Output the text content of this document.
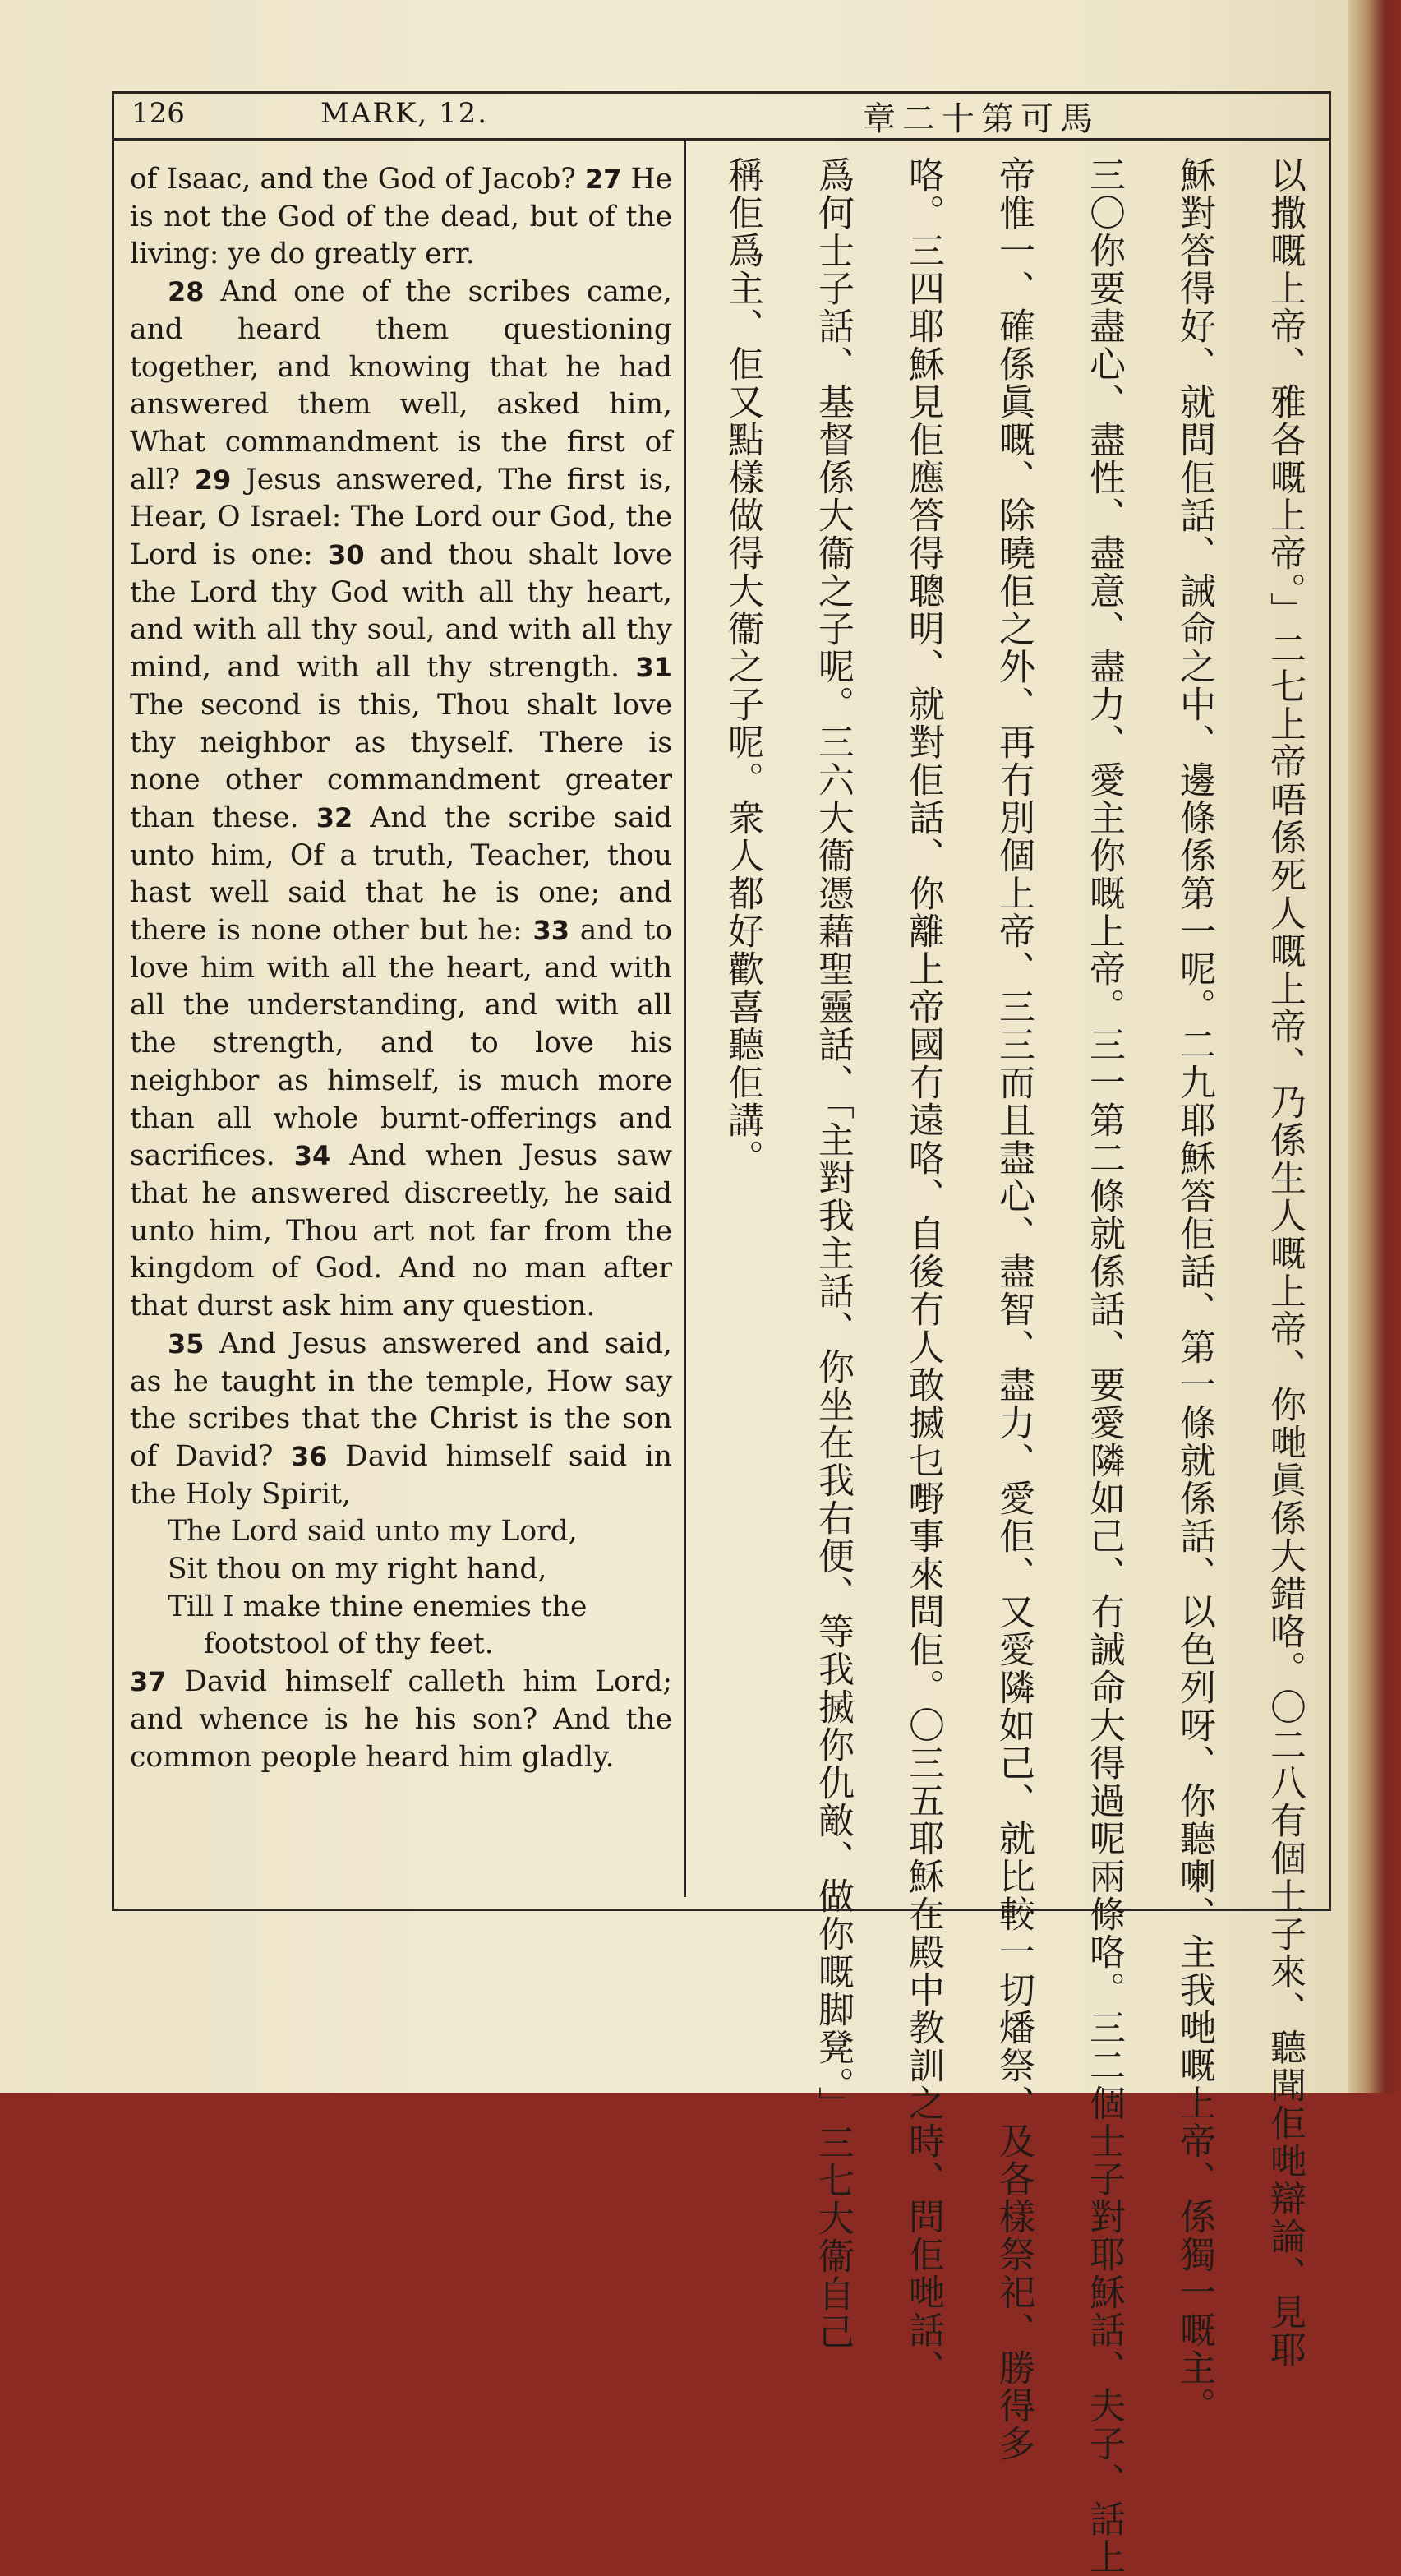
126	MARK, 12.	章二十第可馬

of Isaac, and the God of Jacob? 27 He is not the God of the dead, but of the living: ye do greatly err.

28 And one of the scribes came, and heard them questioning together, and knowing that he had answered them well, asked him, What commandment is the first of all? 29 Jesus answered, The first is, Hear, O Israel: The Lord our God, the Lord is one: 30 and thou shalt love the Lord thy God with all thy heart, and with all thy soul, and with all thy mind, and with all thy strength. 31 The second is this, Thou shalt love thy neighbor as thyself. There is none other commandment greater than these. 32 And the scribe said unto him, Of a truth, Teacher, thou hast well said that he is one; and there is none other but he: 33 and to love him with all the heart, and with all the understanding, and with all the strength, and to love his neighbor as himself, is much more than all whole burnt-offerings and sacrifices. 34 And when Jesus saw that he answered discreetly, he said unto him, Thou art not far from the kingdom of God. And no man after that durst ask him any question.

35 And Jesus answered and said, as he taught in the temple, How say the scribes that the Christ is the son of David? 36 David himself said in the Holy Spirit,

The Lord said unto my Lord,

Sit thou on my right hand,

Till I make thine enemies the

footstool of thy feet.

37 David himself calleth him Lord; and whence is he his son? And the common people heard him gladly.	以撒嘅上帝、雅各嘅上帝。」二七上帝唔係死人嘅上帝、乃係生人嘅上帝、你哋眞係大錯咯。〇二八有個士子來、聽聞佢哋辯論、見耶
穌對答得好、就問佢話、誡命之中、邊條係第一呢。二九耶穌答佢話、第一條就係話、以色列呀、你聽喇、主我哋嘅上帝、係獨一嘅主。
三〇你要盡心、盡性、盡意、盡力、愛主你嘅上帝。三一第二條就係話、要愛隣如己、冇誡命大得過呢兩條咯。三二個士子對耶穌話、夫子、話上
帝惟一、確係眞嘅、除曉佢之外、再冇別個上帝、三三而且盡心、盡智、盡力、愛佢、又愛隣如己、就比較一切燔祭、及各樣祭祀、勝得多
咯。三四耶穌見佢應答得聰明、就對佢話、你離上帝國冇遠咯、自後冇人敢搣乜嘢事來問佢。〇三五耶穌在殿中教訓之時、問佢哋話、
爲何士子話、基督係大衞之子呢。三六大衞憑藉聖靈話、「主對我主話、你坐在我右便、等我搣你仇敵、做你嘅脚凳。」三七大衞自己
稱佢爲主、佢又點樣做得大衞之子呢。衆人都好歡喜聽佢講。
